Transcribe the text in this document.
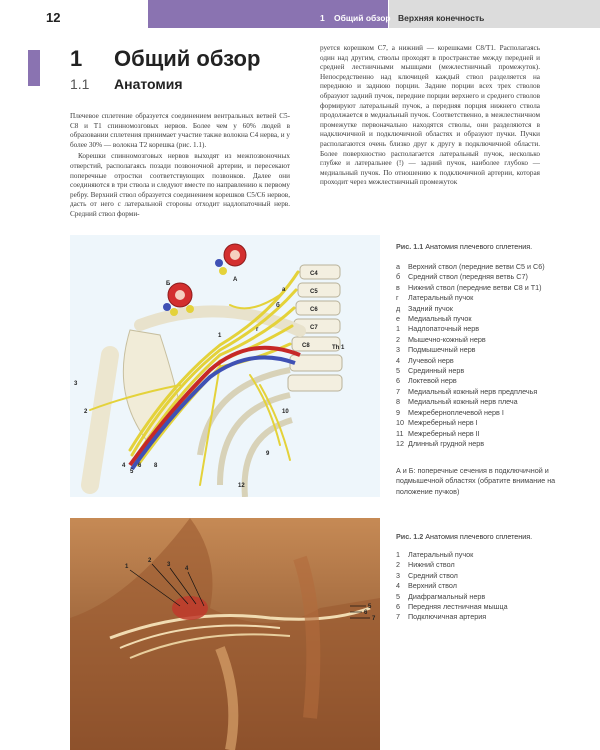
12	1 Общий обзор Верхняя конечность
1 Общий обзор
1.1 Анатомия

Плечевое сплетение образуется соединением вентральных ветвей C5-C8 и T1 спинномозговых нервов. Более чем у 60% людей в образовании сплетения принимает участие также волокна C4 нерва, и у более 30% — волокна T2 корешка (рис. 1.1).

Корешки спинномозговых нервов выходят из межпозвоночных отверстий, располагаясь позади позвоночной артерии, и пересекают поперечные отростки соответствующих позвонков. Далее они соединяются в три ствола и следуют вместе по направлению к первому ребру. Верхний ствол образуется соединением корешков C5/C6 нервов, дасть от него с латеральной стороны отходит надлопаточный нерв. Средний ствол форми-

руется корешком C7, а нижний — корешками C8/T1. Располагаясь один над другим, стволы проходят в пространстве между передней и средней лестничными мышцами (межлестничный промежуток). Непосредственно над ключицей каждый ствол разделяется на переднюю и заднюю порции. Задние порции всех трех стволов образуют задний пучок, передние порции верхнего и среднего стволов формируют латеральный пучок, а передняя порция нижнего ствола продолжается в медиальный пучок. Соответственно, в межлестничном промежутке первоначально находятся стволы, они разделяются в надключичной и подключичной областях и образуют пучки. Пучки располагаются очень близко друг к другу в подключичной области. Более поверхностно располагается латеральный пучок, несколько глубже и латеральнее (!) — задний пучок, наиболее глубоко — медиальный пучок. По отношению к подключичной артерии, которая проходит через межлестничный промежуток

А
Б
C4
C5
C6
C7
C8	Th 1
а
б
г
1
2
3
4
5
6 8
9
10
12
Рис. 1.1 Анатомия плечевого сплетения.
а	Верхний ствол (передние ветви C5 и C6)
б	Средний ствол (передняя ветвь C7)
в	Нижний ствол (передние ветви C8 и T1)
г	Латеральный пучок
д	Задний пучок
е	Медиальный пучок
1	Надлопаточный нерв
2	Мышечно-кожный нерв
3	Подмышечный нерв
4	Лучевой нерв
5	Срединный нерв
6	Локтевой нерв
7	Медиальный кожный нерв предплечья
8	Медиальный кожный нерв плеча
9	Межреберноплечевой нерв I
10 Межреберный нерв I
11 Межреберный нерв II
12 Длинный грудной нерв
А и Б: поперечные сечения в подключичной и подмышечной областях (обратите внимание на положение пучков)
1
2
3
4
5
6
7
Рис. 1.2 Анатомия плечевого сплетения.
1	Латеральный пучок
2	Нижний ствол
3	Средний ствол
4	Верхний ствол
5	Диафрагмальный нерв
6	Передняя лестничная мышца
7	Подключичная артерия
